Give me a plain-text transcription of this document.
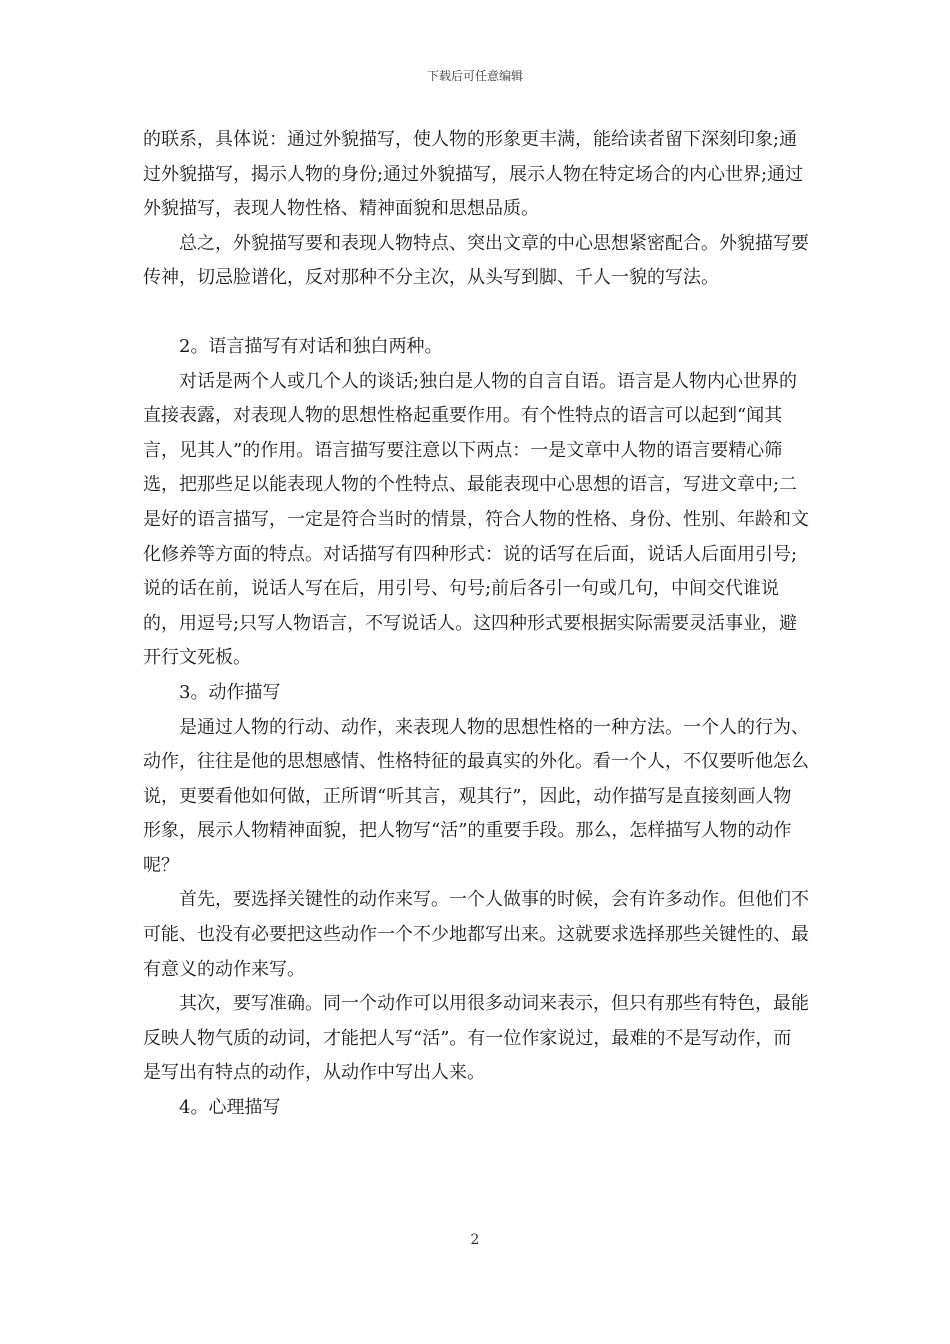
下载后可任意编辑

的联系，具体说：通过外貌描写，使人物的形象更丰满，能给读者留下深刻印象;通过外貌描写，揭示人物的身份;通过外貌描写，展示人物在特定场合的内心世界;通过外貌描写，表现人物性格、精神面貌和思想品质。

总之，外貌描写要和表现人物特点、突出文章的中心思想紧密配合。外貌描写要传神，切忌脸谱化，反对那种不分主次，从头写到脚、千人一貌的写法。

2。语言描写有对话和独白两种。

对话是两个人或几个人的谈话;独白是人物的自言自语。语言是人物内心世界的直接表露，对表现人物的思想性格起重要作用。有个性特点的语言可以起到“闻其言，见其人”的作用。语言描写要注意以下两点：一是文章中人物的语言要精心筛选，把那些足以能表现人物的个性特点、最能表现中心思想的语言，写进文章中;二是好的语言描写，一定是符合当时的情景，符合人物的性格、身份、性别、年龄和文化修养等方面的特点。对话描写有四种形式：说的话写在后面，说话人后面用引号;说的话在前，说话人写在后，用引号、句号;前后各引一句或几句，中间交代谁说的，用逗号;只写人物语言，不写说话人。这四种形式要根据实际需要灵活事业，避开行文死板。

3。动作描写

是通过人物的行动、动作，来表现人物的思想性格的一种方法。一个人的行为、动作，往往是他的思想感情、性格特征的最真实的外化。看一个人，不仅要听他怎么说，更要看他如何做，正所谓“听其言，观其行”，因此，动作描写是直接刻画人物形象，展示人物精神面貌，把人物写“活”的重要手段。那么，怎样描写人物的动作呢？

首先，要选择关键性的动作来写。一个人做事的时候，会有许多动作。但他们不可能、也没有必要把这些动作一个不少地都写出来。这就要求选择那些关键性的、最有意义的动作来写。

其次，要写准确。同一个动作可以用很多动词来表示，但只有那些有特色，最能反映人物气质的动词，才能把人写“活”。有一位作家说过，最难的不是写动作，而是写出有特点的动作，从动作中写出人来。

4。心理描写

2
